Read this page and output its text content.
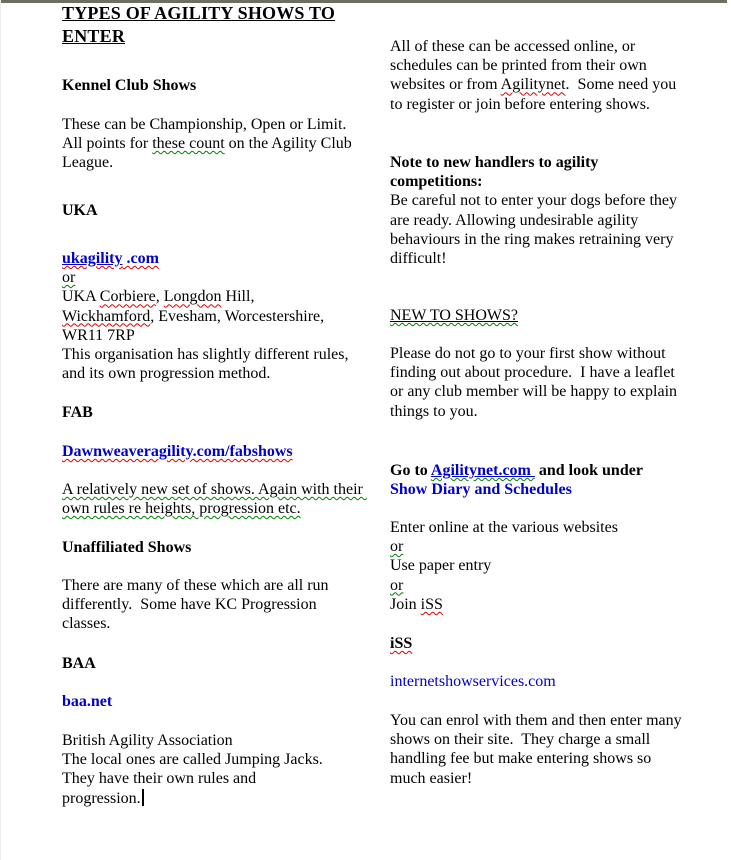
TYPES OF AGILITY SHOWS TO
ENTER
Kennel Club Shows
These can be Championship, Open or Limit.
All points for these count on the Agility Club League.
UKA
ukagility .com
or
UKA Corbiere, Longdon Hill,
Wickhamford, Evesham, Worcestershire,
WR11 7RP
This organisation has slightly different rules, and its own progression method.
FAB
Dawnweaveragility.com/fabshows
A relatively new set of shows. Again with their own rules re heights, progression etc.
Unaffiliated Shows
There are many of these which are all run differently.  Some have KC Progression classes.
BAA
baa.net
British Agility Association
The local ones are called Jumping Jacks.
They have their own rules and
progression.
All of these can be accessed online, or schedules can be printed from their own websites or from Agilitynet.  Some need you to register or join before entering shows.
Note to new handlers to agility competitions:
Be careful not to enter your dogs before they are ready. Allowing undesirable agility behaviours in the ring makes retraining very difficult!
NEW TO SHOWS?
Please do not go to your first show without finding out about procedure.  I have a leaflet or any club member will be happy to explain things to you.
Go to Agilitynet.com  and look under
Show Diary and Schedules
Enter online at the various websites
or
Use paper entry
or
Join iSS
iSS
internetshowservices.com
You can enrol with them and then enter many shows on their site.  They charge a small handling fee but make entering shows so much easier!
